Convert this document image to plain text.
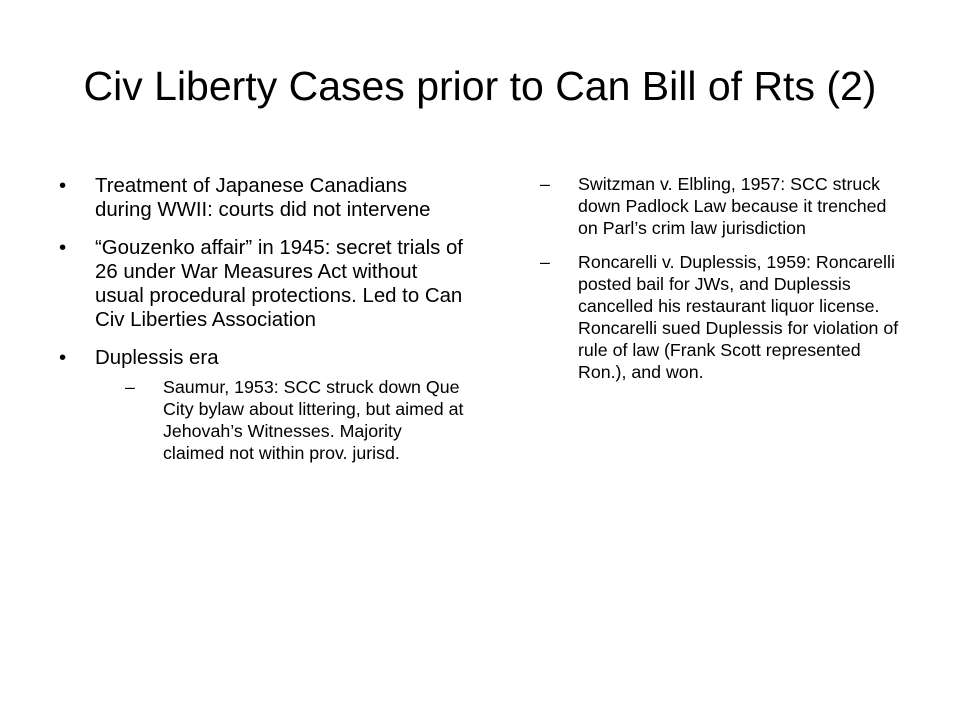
Civ Liberty Cases prior to Can Bill of Rts (2)
• Treatment of Japanese Canadians during WWII: courts did not intervene
• “Gouzenko affair” in 1945: secret trials of 26 under War Measures Act without usual procedural protections. Led to Can Civ Liberties Association
• Duplessis era
– Saumur, 1953: SCC struck down Que City bylaw about littering, but aimed at Jehovah’s Witnesses. Majority claimed not within prov. jurisd.
– Switzman v. Elbling, 1957: SCC struck down Padlock Law because it trenched on Parl’s crim law jurisdiction
– Roncarelli v. Duplessis, 1959: Roncarelli posted bail for JWs, and Duplessis cancelled his restaurant liquor license. Roncarelli sued Duplessis for violation of rule of law (Frank Scott represented Ron.), and won.
